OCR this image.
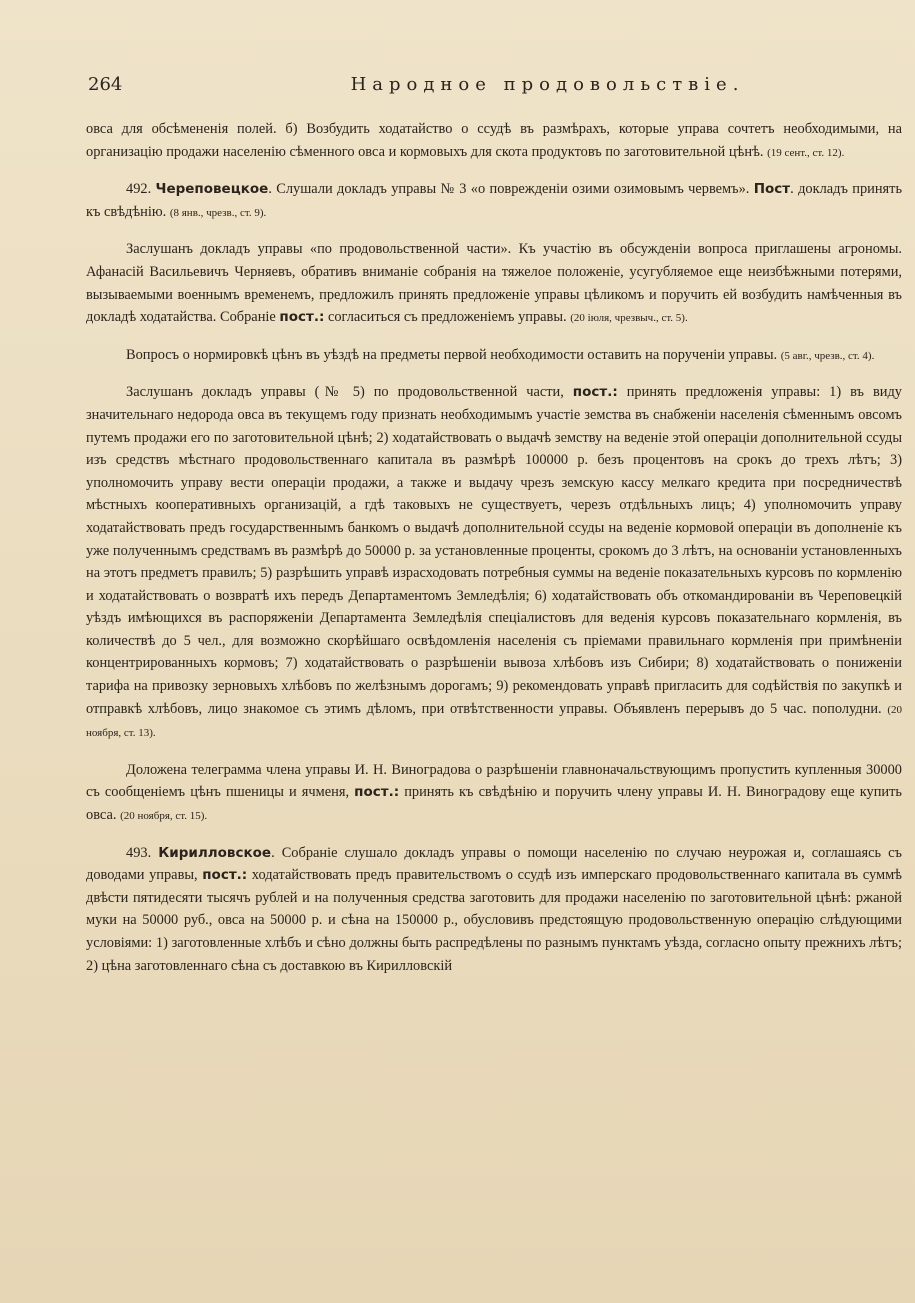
264	Народное продовольствіе.

овса для обсѣмененія полей. б) Возбудить ходатайство о ссудѣ въ размѣрахъ, которые управа сочтетъ необходимыми, на организацію продажи населенію сѣменного овса и кормовыхъ для скота продуктовъ по заготовительной цѣнѣ. (19 сент., ст. 12).

492. Череповецкое. Слушали докладъ управы № 3 «о поврежденіи озими озимовымъ червемъ». Пост. докладъ принять къ свѣдѣнію. (8 янв., чрезв., ст. 9).

Заслушанъ докладъ управы «по продовольственной части». Къ участію въ обсужденіи вопроса приглашены агрономы. Афанасій Васильевичъ Черняевъ, обративъ вниманіе собранія на тяжелое положеніе, усугубляемое еще неизбѣжными потерями, вызываемыми военнымъ временемъ, предложилъ принять предложеніе управы цѣликомъ и поручить ей возбудить намѣченныя въ докладѣ ходатайства. Собраніе пост.: согласиться съ предложеніемъ управы. (20 іюля, чрезвыч., ст. 5).

Вопросъ о нормировкѣ цѣнъ въ уѣздѣ на предметы первой необходимости оставить на порученіи управы. (5 авг., чрезв., ст. 4).

Заслушанъ докладъ управы (№ 5) по продовольственной части, пост.: принять предложенія управы: 1) въ виду значительнаго недорода овса въ текущемъ году признать необходимымъ участіе земства въ снабженіи населенія сѣменнымъ овсомъ путемъ продажи его по заготовительной цѣнѣ; 2) ходатайствовать о выдачѣ земству на веденіе этой операціи дополнительной ссуды изъ средствъ мѣстнаго продовольственнаго капитала въ размѣрѣ 100000 р. безъ процентовъ на срокъ до трехъ лѣтъ; 3) уполномочить управу вести операціи продажи, а также и выдачу чрезъ земскую кассу мелкаго кредита при посредничествѣ мѣстныхъ кооперативныхъ организацій, а гдѣ таковыхъ не существуетъ, черезъ отдѣльныхъ лицъ; 4) уполномочить управу ходатайствовать предъ государственнымъ банкомъ о выдачѣ дополнительной ссуды на веденіе кормовой операціи въ дополненіе къ уже полученнымъ средствамъ въ размѣрѣ до 50000 р. за установленные проценты, срокомъ до 3 лѣтъ, на основаніи установленныхъ на этотъ предметъ правилъ; 5) разрѣшить управѣ израсходовать потребныя суммы на веденіе показательныхъ курсовъ по кормленію и ходатайствовать о возвратѣ ихъ передъ Департаментомъ Земледѣлія; 6) ходатайствовать объ откомандированіи въ Череповецкій уѣздъ имѣющихся въ распоряженіи Департамента Земледѣлія спеціалистовъ для веденія курсовъ показательнаго кормленія, въ количествѣ до 5 чел., для возможно скорѣйшаго освѣдомленія населенія съ пріемами правильнаго кормленія при примѣненіи концентрированныхъ кормовъ; 7) ходатайствовать о разрѣшеніи вывоза хлѣбовъ изъ Сибири; 8) ходатайствовать о пониженіи тарифа на привозку зерновыхъ хлѣбовъ по желѣзнымъ дорогамъ; 9) рекомендовать управѣ пригласить для содѣйствія по закупкѣ и отправкѣ хлѣбовъ, лицо знакомое съ этимъ дѣломъ, при отвѣтственности управы. Объявленъ перерывъ до 5 час. пополудни. (20 ноября, ст. 13).

Доложена телеграмма члена управы И. Н. Виноградова о разрѣшеніи главноначальствующимъ пропустить купленныя 30000 съ сообщеніемъ цѣнъ пшеницы и ячменя, пост.: принять къ свѣдѣнію и поручить члену управы И. Н. Виноградову еще купить овса. (20 ноября, ст. 15).

493. Кирилловское. Собраніе слушало докладъ управы о помощи населенію по случаю неурожая и, соглашаясь съ доводами управы, пост.: ходатайствовать предъ правительствомъ о ссудѣ изъ имперскаго продовольственнаго капитала въ суммѣ двѣсти пятидесяти тысячъ рублей и на полученныя средства заготовить для продажи населенію по заготовительной цѣнѣ: ржаной муки на 50000 руб., овса на 50000 р. и сѣна на 150000 р., обусловивъ предстоящую продовольственную операцію слѣдующими условіями: 1) заготовленные хлѣбъ и сѣно должны быть распредѣлены по разнымъ пунктамъ уѣзда, согласно опыту прежнихъ лѣтъ; 2) цѣна заготовленнаго сѣна съ доставкою въ Кирилловскій
